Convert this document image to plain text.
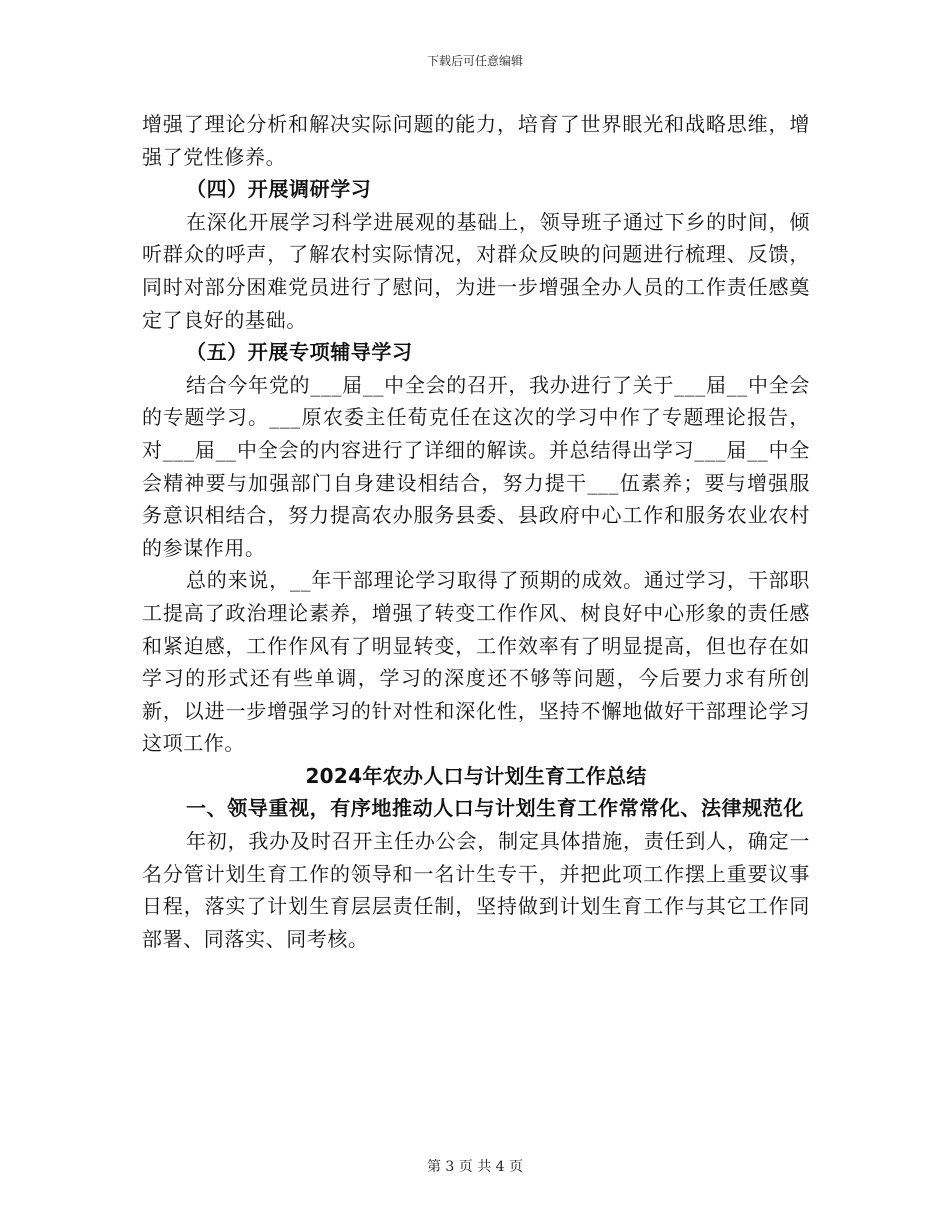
下载后可任意编辑

增强了理论分析和解决实际问题的能力，培育了世界眼光和战略思维，增强了党性修养。

（四）开展调研学习

在深化开展学习科学进展观的基础上，领导班子通过下乡的时间，倾听群众的呼声，了解农村实际情况，对群众反映的问题进行梳理、反馈，同时对部分困难党员进行了慰问，为进一步增强全办人员的工作责任感奠定了良好的基础。

（五）开展专项辅导学习

结合今年党的___届__中全会的召开，我办进行了关于___届__中全会的专题学习。___原农委主任荀克任在这次的学习中作了专题理论报告，对___届__中全会的内容进行了详细的解读。并总结得出学习___届__中全会精神要与加强部门自身建设相结合，努力提干___伍素养；要与增强服务意识相结合，努力提高农办服务县委、县政府中心工作和服务农业农村的参谋作用。

总的来说，__年干部理论学习取得了预期的成效。通过学习，干部职工提高了政治理论素养，增强了转变工作作风、树良好中心形象的责任感和紧迫感，工作作风有了明显转变，工作效率有了明显提高，但也存在如学习的形式还有些单调，学习的深度还不够等问题，今后要力求有所创新，以进一步增强学习的针对性和深化性，坚持不懈地做好干部理论学习这项工作。

2024年农办人口与计划生育工作总结

一、领导重视，有序地推动人口与计划生育工作常常化、法律规范化

年初，我办及时召开主任办公会，制定具体措施，责任到人，确定一名分管计划生育工作的领导和一名计生专干，并把此项工作摆上重要议事日程，落实了计划生育层层责任制，坚持做到计划生育工作与其它工作同部署、同落实、同考核。

第 3 页 共 4 页
